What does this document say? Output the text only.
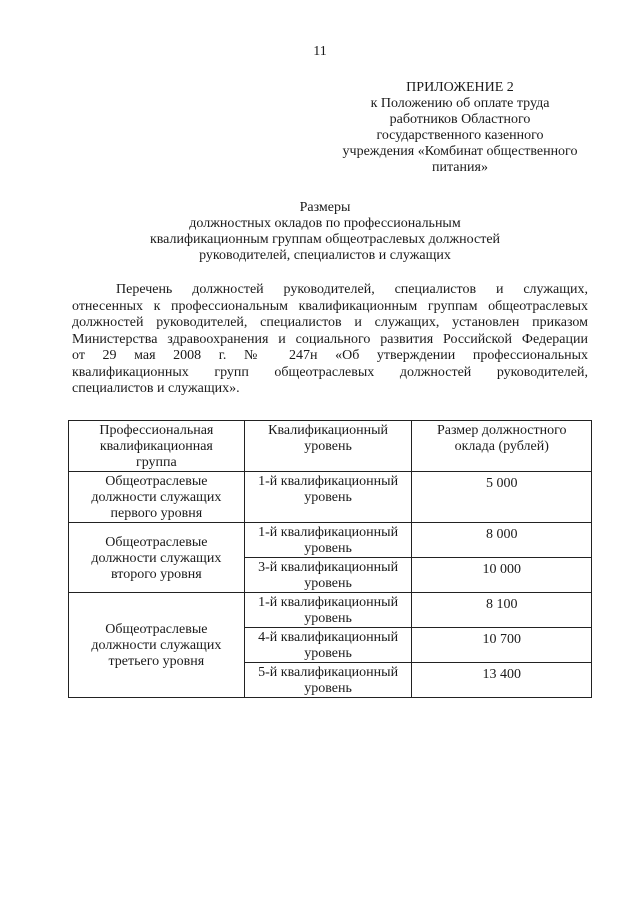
11
ПРИЛОЖЕНИЕ 2
к Положению об оплате труда
работников Областного
государственного казенного
учреждения «Комбинат общественного
питания»
Размеры
должностных окладов по профессиональным
квалификационным группам общеотраслевых должностей
руководителей, специалистов и служащих
Перечень должностей руководителей, специалистов и служащих,
отнесенных к профессиональным квалификационным группам общеотраслевых
должностей руководителей, специалистов и служащих, установлен приказом
Министерства здравоохранения и социального развития Российской Федерации
от 29 мая 2008 г. № 247н «Об утверждении профессиональных
квалификационных групп общеотраслевых должностей руководителей,
специалистов и служащих».
Профессиональная
квалификационная
группа	Квалификационный
уровень	Размер должностного
оклада (рублей)

Общеотраслевые
должности служащих
первого уровня	1-й квалификационный
уровень	5 000

Общеотраслевые
должности служащих
второго уровня	1-й квалификационный
уровень	8 000

	3-й квалификационный
уровень	10 000

Общеотраслевые
должности служащих
третьего уровня	1-й квалификационный
уровень	8 100

	4-й квалификационный
уровень	10 700

	5-й квалификационный
уровень	13 400
